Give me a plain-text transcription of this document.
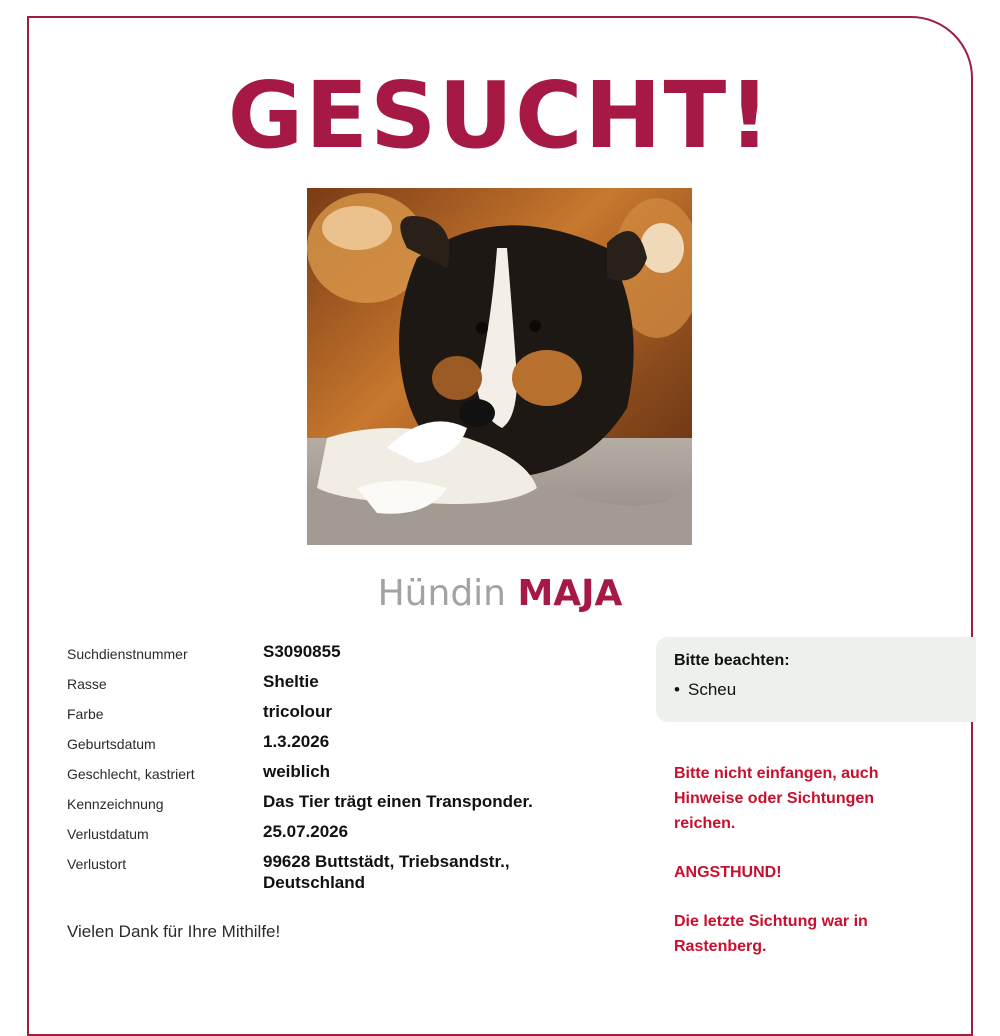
GESUCHT!
Hündin MAJA
Suchdienstnummer	S3090855
Rasse	Sheltie
Farbe	tricolour
Geburtsdatum	1.3.2026
Geschlecht, kastriert	weiblich
Kennzeichnung	Das Tier trägt einen Transponder.
Verlustdatum	25.07.2026
Verlustort	99628 Buttstädt, Triebsandstr.,
Deutschland
Vielen Dank für Ihre Mithilfe!
Bitte beachten:
• Scheu
Bitte nicht einfangen, auch
Hinweise oder Sichtungen
reichen.
ANGSTHUND!
Die letzte Sichtung war in
Rastenberg.
